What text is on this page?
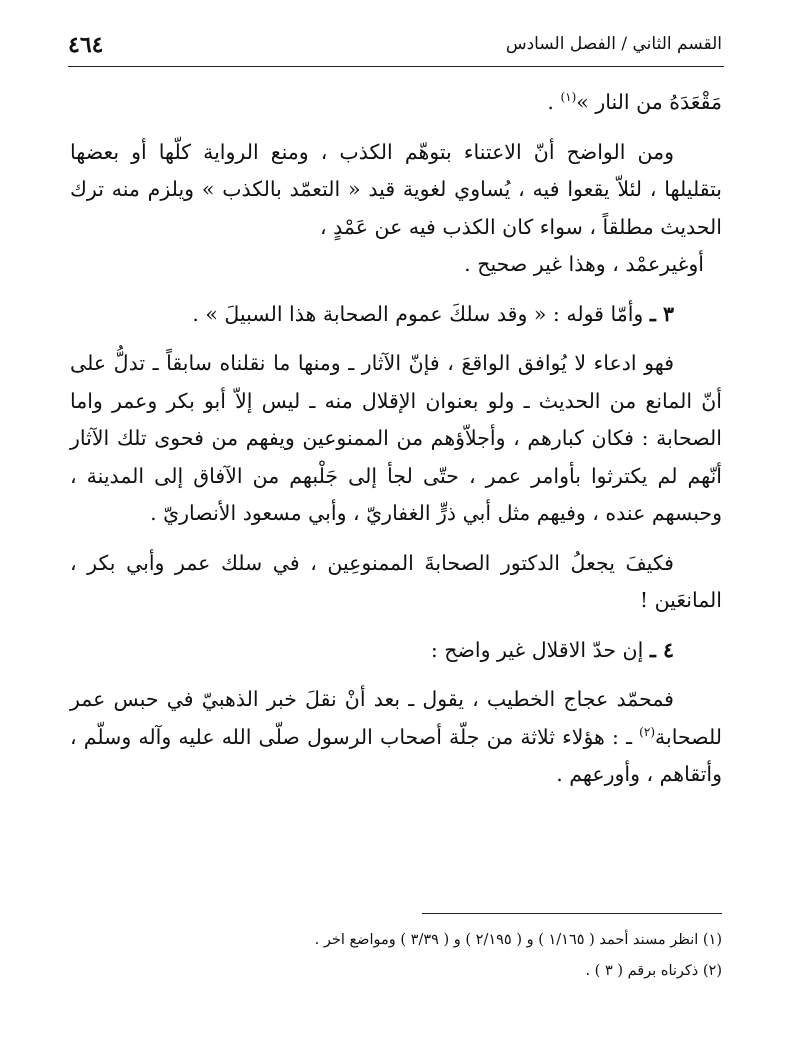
القسم الثاني / الفصل السادس
٤٦٤

مَقْعَدَهُ من النار »$^{(١)}$ .

ومن الواضح أنّ الاعتناء بتوهّم الكذب ، ومنع الرواية كلّها أو بعضها بتقليلها ، لئلاّ يقعوا فيه ، يُساوي لغوية قيد « التعمّد بالكذب » ويلزم منه ترك الحديث مطلقاً ، سواء كان الكذب فيه عن عَمْدٍ ،

أوغيرعمْد ، وهذا غير صحيح .

٣ ـ وأمّا قوله : « وقد سلكَ عموم الصحابة هذا السبيلَ » .

فهو ادعاء لا يُوافق الواقعَ ، فإنّ الآثار ـ ومنها ما نقلناه سابقاً ـ تدلُّ على أنّ المانع من الحديث ـ ولو بعنوان الإقلال منه ـ ليس إلاّ أبو بكر وعمر واما الصحابة : فكان كبارهم ، وأجلاّؤهم من الممنوعين ويفهم من فحوى تلك الآثار أنّهم لم يكترثوا بأوامر عمر ، حتّى لجأ إلى جَلْبهم من الآفاق إلى المدينة ، وحبسهم عنده ، وفيهم مثل أبي ذرٍّ الغفاريّ ، وأبي مسعود الأنصاريّ .

فكيفَ يجعلُ الدكتور الصحابةَ الممنوعِين ، في سلك عمر وأبي بكر ، المانعَين !

٤ ـ إن حدّ الاقلال غير واضح :

فمحمّد عجاج الخطيب ، يقول ـ بعد أنْ نقلَ خبر الذهبيّ في حبس عمر للصحابة$^{(٢)}$ ـ : هؤلاء ثلاثة من جلّة أصحاب الرسول صلّى الله عليه وآله وسلّم ، وأتقاهم ، وأورعهم .

(١) انظر مسند أحمد ( ١/١٦٥ ) و ( ٢/١٩٥ ) و ( ٣/٣٩ ) ومواضع اخر .
(٢) ذكرناه برقم ( ٣ ) .
